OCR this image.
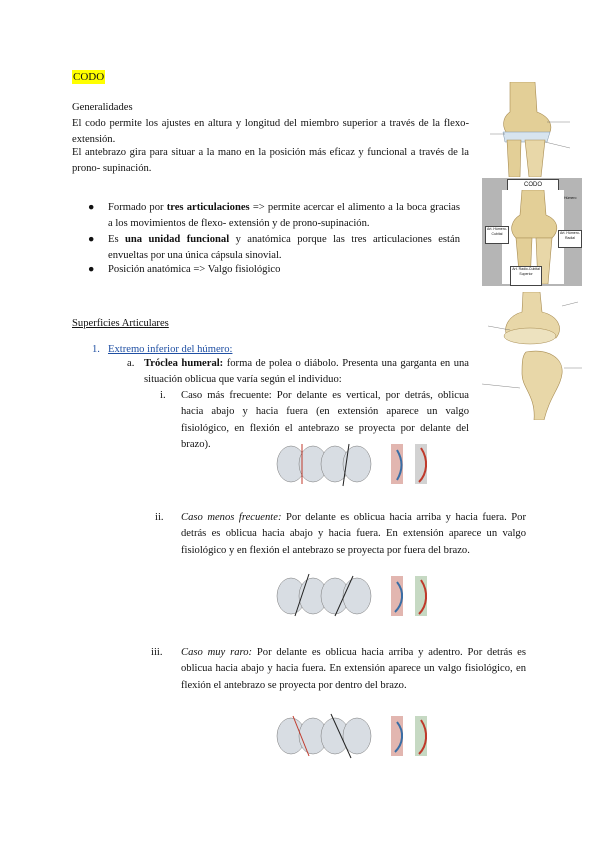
CODO
Generalidades
El codo permite los ajustes en altura y longitud del miembro superior a través de la flexo-extensión.
El antebrazo gira para situar a la mano en la posición más eficaz y funcional a través de la prono- supinación.
● Formado por tres articulaciones => permite acercar el alimento a la boca gracias a los movimientos de flexo- extensión y de prono-supinación.
● Es una unidad funcional y anatómica porque las tres articulaciones están envueltas por una única cápsula sinovial.
● Posición anatómica => Valgo fisiológico
Superficies Articulares
1. Extremo inferior del húmero:
a. Tróclea humeral: forma de polea o diábolo. Presenta una garganta en una situación oblicua que varía según el individuo:
i. Caso más frecuente: Por delante es vertical, por detrás, oblicua hacia abajo y hacia fuera (en extensión aparece un valgo fisiológico, en flexión el antebrazo se proyecta por delante del brazo).
ii. Caso menos frecuente: Por delante es oblicua hacia arriba y hacia fuera. Por detrás es oblicua hacia abajo y hacia fuera. En extensión aparece un valgo fisiológico y en flexión el antebrazo se proyecta por fuera del brazo.
iii. Caso muy raro: Por delante es oblicua hacia arriba y adentro. Por detrás es oblicua hacia abajo y hacia fuera. En extensión aparece un valgo fisiológico, en flexión el antebrazo se proyecta por dentro del brazo.
CODO
Art. Húmero-Cubital	Art. Húmero-Radial
Art. Radio-Cubital Superior
Húmero
